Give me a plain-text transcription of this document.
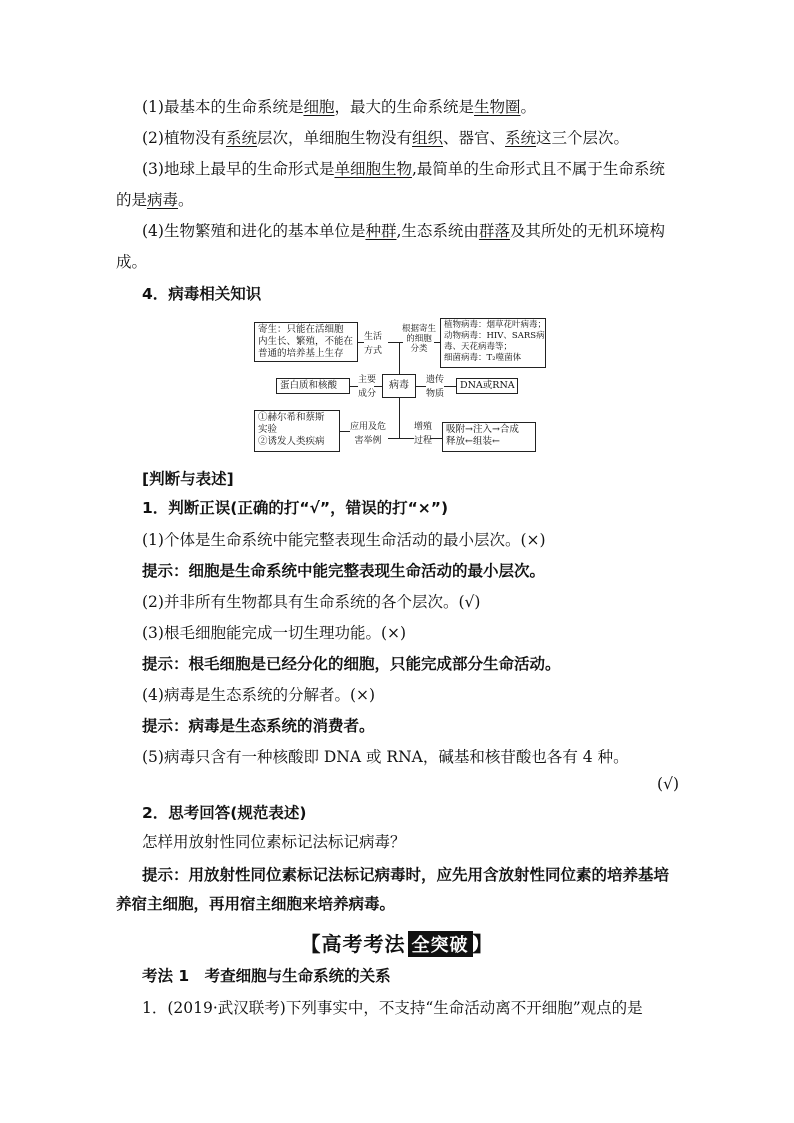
(1)最基本的生命系统是细胞，最大的生命系统是生物圈。
(2)植物没有系统层次，单细胞生物没有组织、器官、系统这三个层次。
(3)地球上最早的生命形式是单细胞生物,最简单的生命形式且不属于生命系统
的是病毒。
(4)生物繁殖和进化的基本单位是种群,生态系统由群落及其所处的无机环境构
成。
4．病毒相关知识
寄生：只能在活细胞
内生长、繁殖，不能在
普通的培养基上生存
生活
方式
植物病毒：烟草花叶病毒；
动物病毒：HIV、SARS病
毒、天花病毒等；
细菌病毒：T₂噬菌体
根据寄生
的细胞
分类
蛋白质和核酸	主要
成分
病毒	遗传
物质
DNA或RNA
①赫尔希和蔡斯
实验
②诱发人类疾病
应用及危
害举例
增殖
过程
吸附→注入→合成
释放←组装←
[判断与表述]
1．判断正误(正确的打“√”，错误的打“×”)
(1)个体是生命系统中能完整表现生命活动的最小层次。(×)
提示：细胞是生命系统中能完整表现生命活动的最小层次。
(2)并非所有生物都具有生命系统的各个层次。(√)
(3)根毛细胞能完成一切生理功能。(×)
提示：根毛细胞是已经分化的细胞，只能完成部分生命活动。
(4)病毒是生态系统的分解者。(×)
提示：病毒是生态系统的消费者。
(5)病毒只含有一种核酸即 DNA 或 RNA，碱基和核苷酸也各有 4 种。
(√)
2．思考回答(规范表述)
怎样用放射性同位素标记法标记病毒？
提示：用放射性同位素标记法标记病毒时，应先用含放射性同位素的培养基培
养宿主细胞，再用宿主细胞来培养病毒。
【高考考法 全突破 】
考法 1　考查细胞与生命系统的关系
1．(2019·武汉联考)下列事实中，不支持“生命活动离不开细胞”观点的是
